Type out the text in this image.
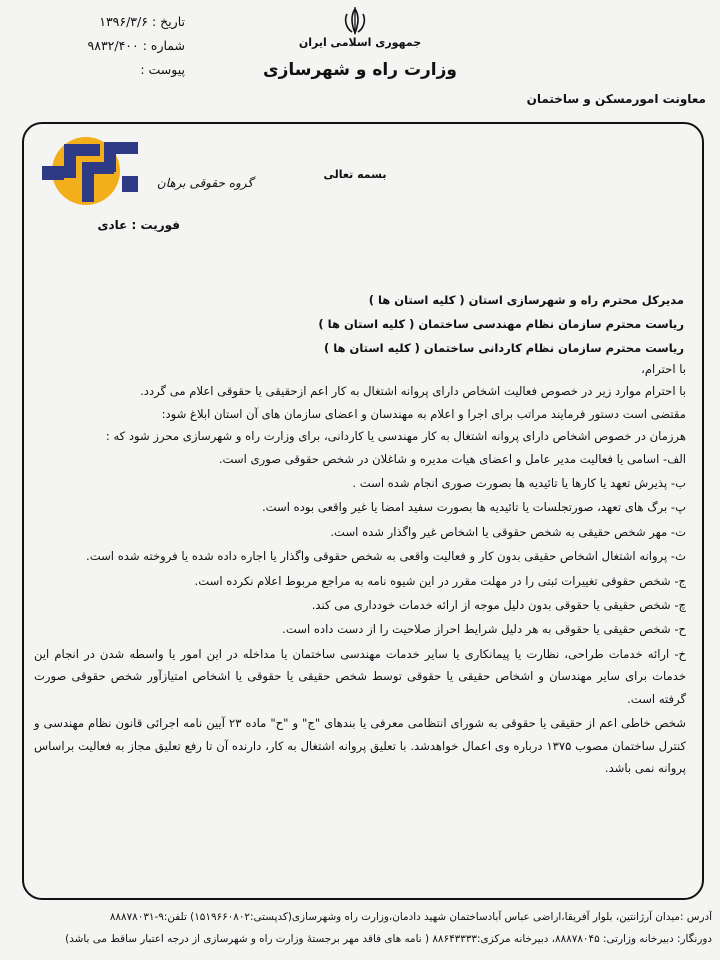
جمهوری اسلامی ایران
وزارت راه و شهرسازی
تاریخ : ۱۳۹۶/۳/۶
شماره : ۹۸۳۲/۴۰۰
پیوست :
معاونت امورمسکن و ساختمان
گروه حقوقی برهان
بسمه تعالی
فوریت : عادی
مدیرکل محترم راه و شهرسازی استان ( کلیه استان ها )
ریاست محترم سازمان نظام مهندسی ساختمان ( کلیه استان ها )
ریاست محترم سازمان نظام کاردانی ساختمان ( کلیه استان ها )

با احترام،

با احترام موارد زیر در خصوص فعالیت اشخاص دارای پروانه اشتغال به کار اعم ازحقیقی یا حقوقی اعلام می گردد.

مقتضی است دستور فرمایند مراتب برای اجرا و اعلام به مهندسان و اعضای سازمان های آن استان ابلاغ شود:

هرزمان در خصوص اشخاص دارای پروانه اشتغال به کار مهندسی یا کاردانی، برای وزارت راه و شهرسازی محرز شود که :

الف- اسامی یا فعالیت مدیر عامل و اعضای هیات مدیره و شاغلان در شخص حقوقی صوری است.

ب- پذیرش تعهد یا کارها یا تائیدیه ها بصورت صوری انجام شده است .

پ- برگ های تعهد، صورتجلسات یا تائیدیه ها بصورت سفید امضا یا غیر واقعی بوده است.

ت- مهر شخص حقیقی به شخص حقوقی یا اشخاص غیر واگذار شده است.

ث- پروانه اشتغال اشخاص حقیقی بدون کار و فعالیت واقعی به شخص حقوقی واگذار یا اجاره داده شده یا فروخته شده است.

ج- شخص حقوقی تغییرات ثبتی را در مهلت مقرر در این شیوه نامه به مراجع مربوط اعلام نکرده است.

چ- شخص حقیقی یا حقوقی بدون دلیل موجه از ارائه خدمات خودداری می کند.

ح- شخص حقیقی یا حقوقی به هر دلیل شرایط احراز صلاحیت را از دست داده است.

خ- ارائه خدمات طراحی، نظارت یا پیمانکاری یا سایر خدمات مهندسی ساختمان یا مداخله در این امور یا واسطه شدن در انجام این خدمات برای سایر مهندسان و اشخاص حقیقی یا حقوقی توسط شخص حقیقی یا حقوقی یا اشخاص امتیازآور شخص حقوقی صورت گرفته است.

شخص خاطی اعم از حقیقی یا حقوقی به شورای انتظامی معرفی یا بندهای "ج" و "ح" ماده ۲۳ آیین نامه اجرائی قانون نظام مهندسی و کنترل ساختمان مصوب ۱۳۷۵ درباره وی اعمال خواهدشد. با تعلیق پروانه اشتغال به کار، دارنده آن تا رفع تعلیق مجاز به فعالیت براساس پروانه نمی باشد.

آدرس :میدان آرژانتین، بلوار آفریقا،اراضی عباس آبادساختمان شهید دادمان،وزارت راه وشهرسازی(کدپستی:۱۵۱۹۶۶۰۸۰۲) تلفن:۹-۸۸۸۷۸۰۳۱
دورنگار: دبیرخانه وزارتی: ۸۸۸۷۸۰۴۵، دبیرخانه مرکزی:۸۸۶۴۳۳۳۳ ( نامه های فاقد مهر برجستهٔ وزارت راه و شهرسازی از درجه اعتبار ساقط می باشد)
